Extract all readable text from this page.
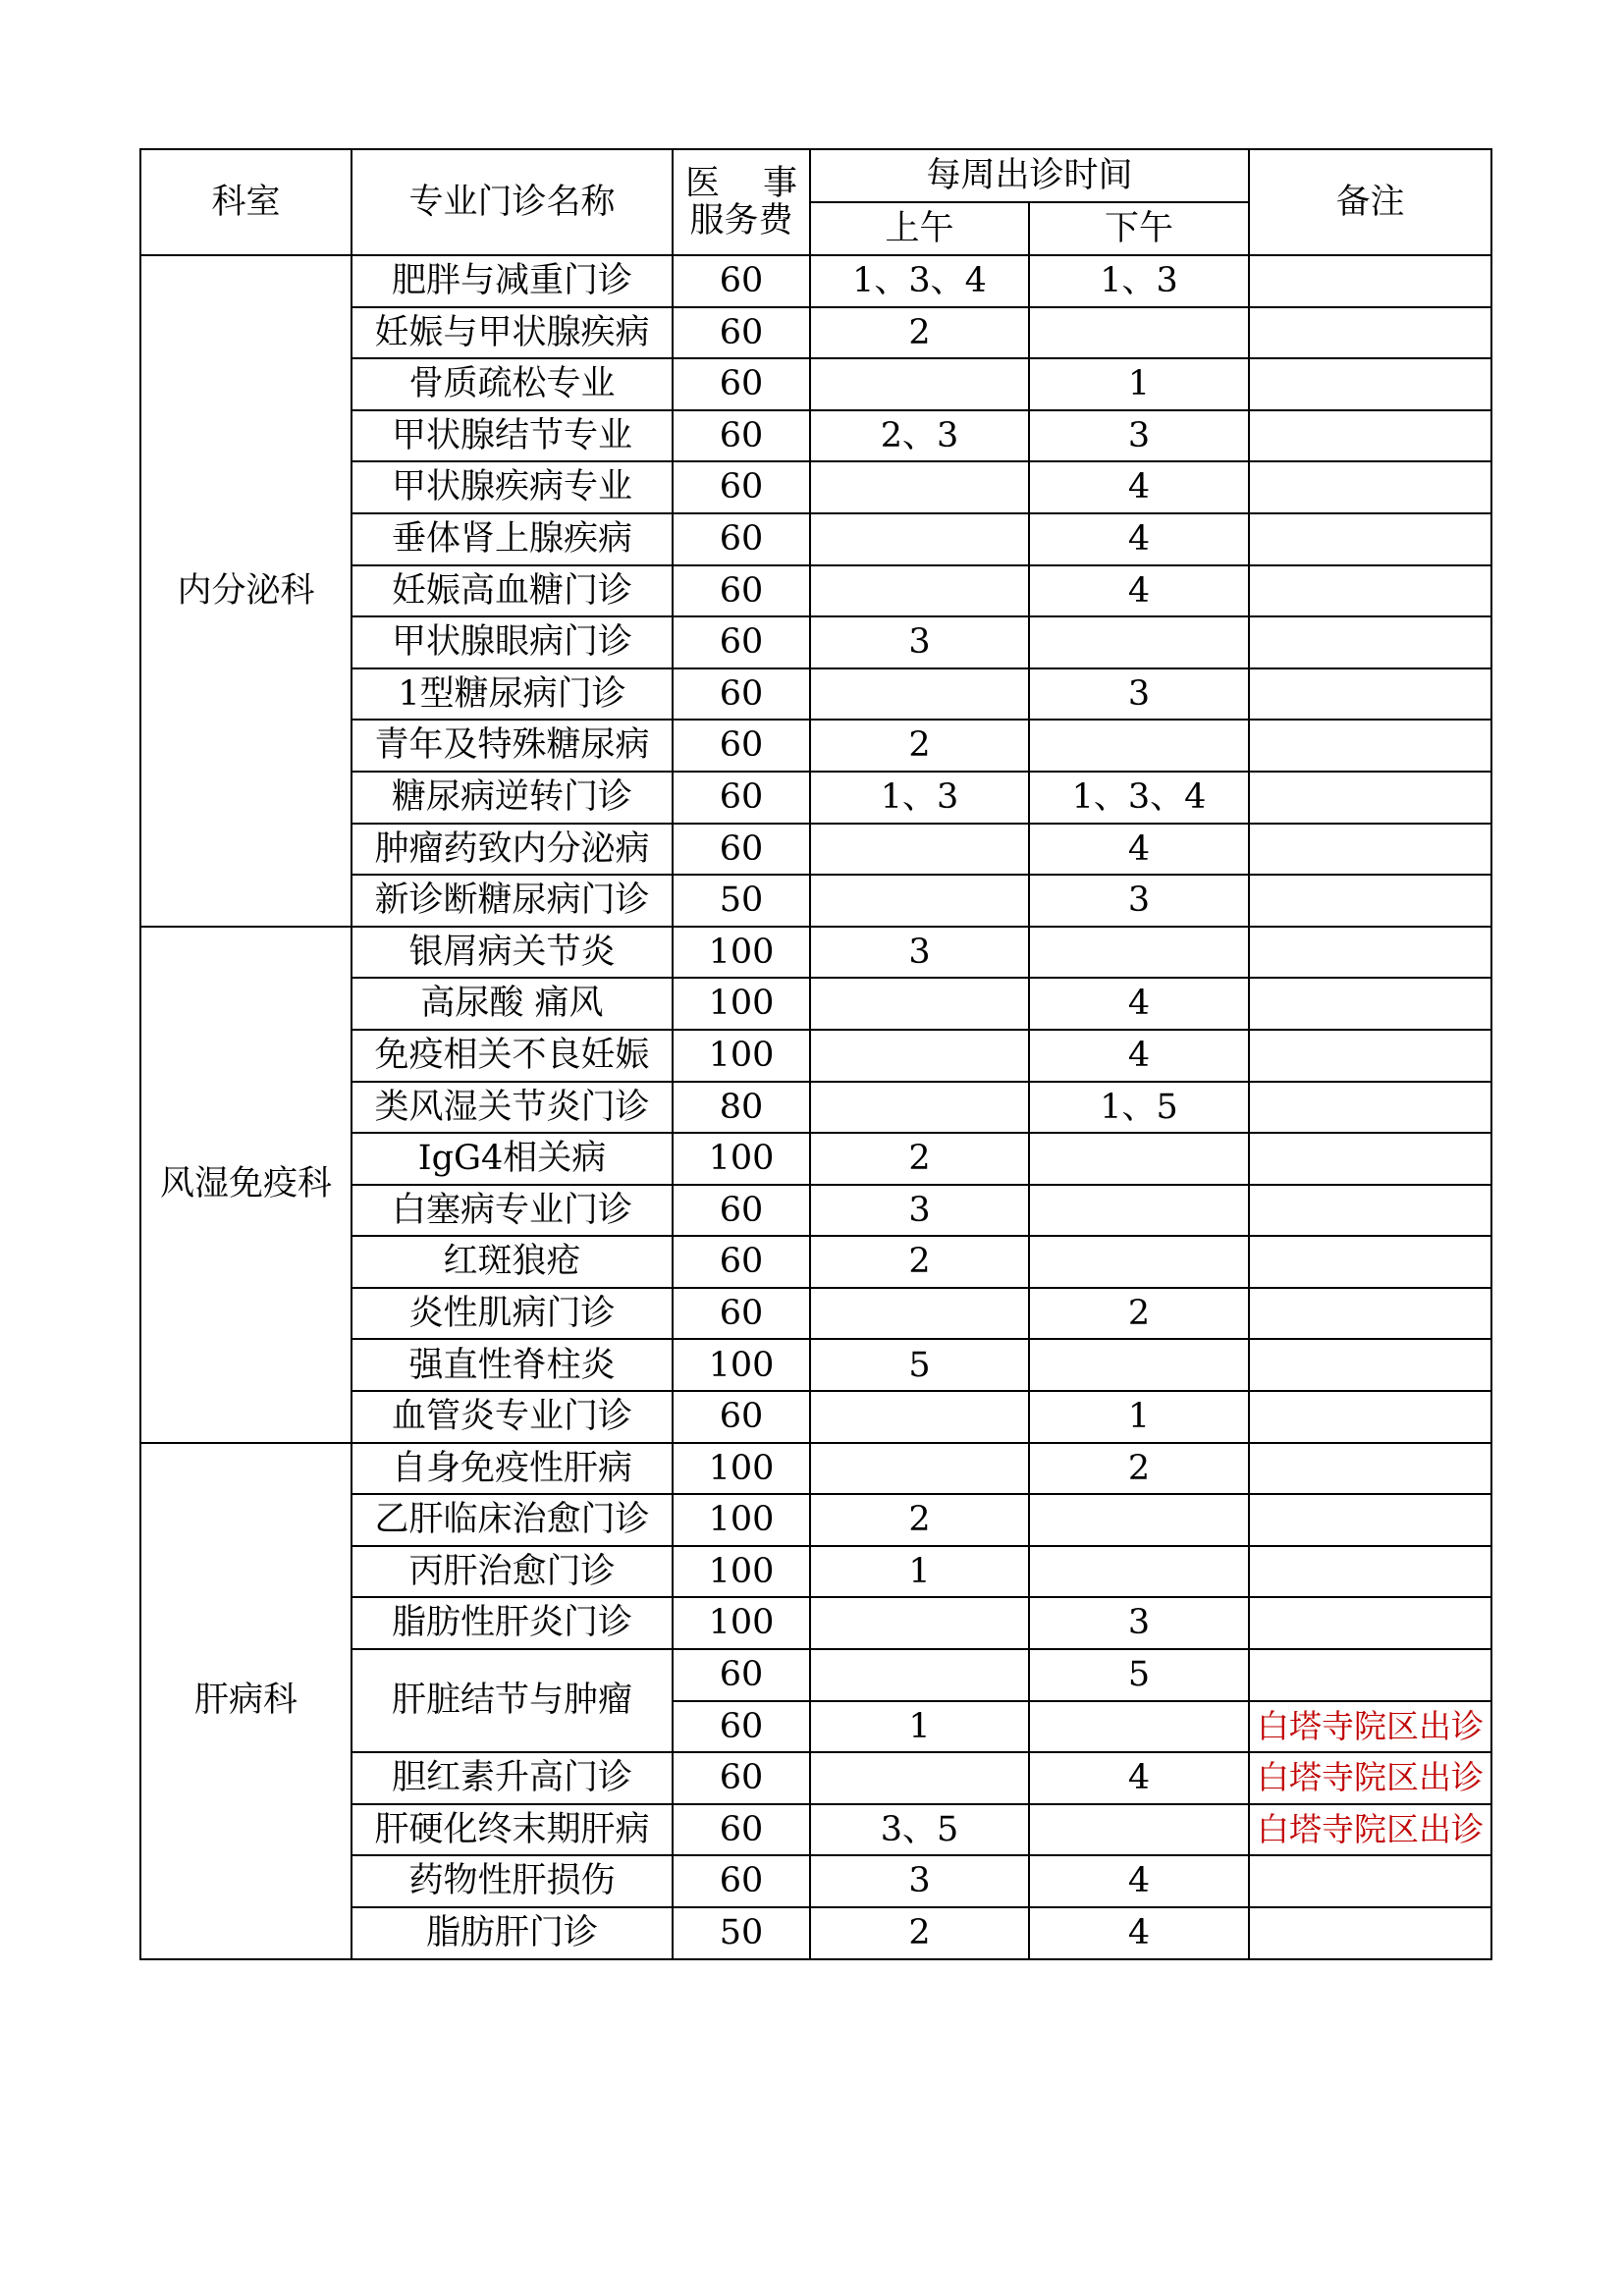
科室	专业门诊名称	医 事
服务费	每周出诊时间		备注
			上午	下午	
内分泌科	肥胖与减重门诊	60	1、3、4	1、3	
	妊娠与甲状腺疾病	60	2		
	骨质疏松专业	60		1	
	甲状腺结节专业	60	2、3	3	
	甲状腺疾病专业	60		4	
	垂体肾上腺疾病	60		4	
	妊娠高血糖门诊	60		4	
	甲状腺眼病门诊	60	3		
	1型糖尿病门诊	60		3	
	青年及特殊糖尿病	60	2		
	糖尿病逆转门诊	60	1、3	1、3、4	
	肿瘤药致内分泌病	60		4	
	新诊断糖尿病门诊	50		3	
风湿免疫科	银屑病关节炎	100	3		
	高尿酸 痛风	100		4	
	免疫相关不良妊娠	100		4	
	类风湿关节炎门诊	80		1、5	
	IgG4相关病	100	2		
	白塞病专业门诊	60	3		
	红斑狼疮	60	2		
	炎性肌病门诊	60		2	
	强直性脊柱炎	100	5		
	血管炎专业门诊	60		1	
肝病科	自身免疫性肝病	100		2	
	乙肝临床治愈门诊	100	2		
	丙肝治愈门诊	100	1		
	脂肪性肝炎门诊	100		3	
	肝脏结节与肿瘤	60		5	
		60	1		白塔寺院区出诊
	胆红素升高门诊	60		4	白塔寺院区出诊
	肝硬化终末期肝病	60	3、5		白塔寺院区出诊
	药物性肝损伤	60	3	4	
	脂肪肝门诊	50	2	4	
